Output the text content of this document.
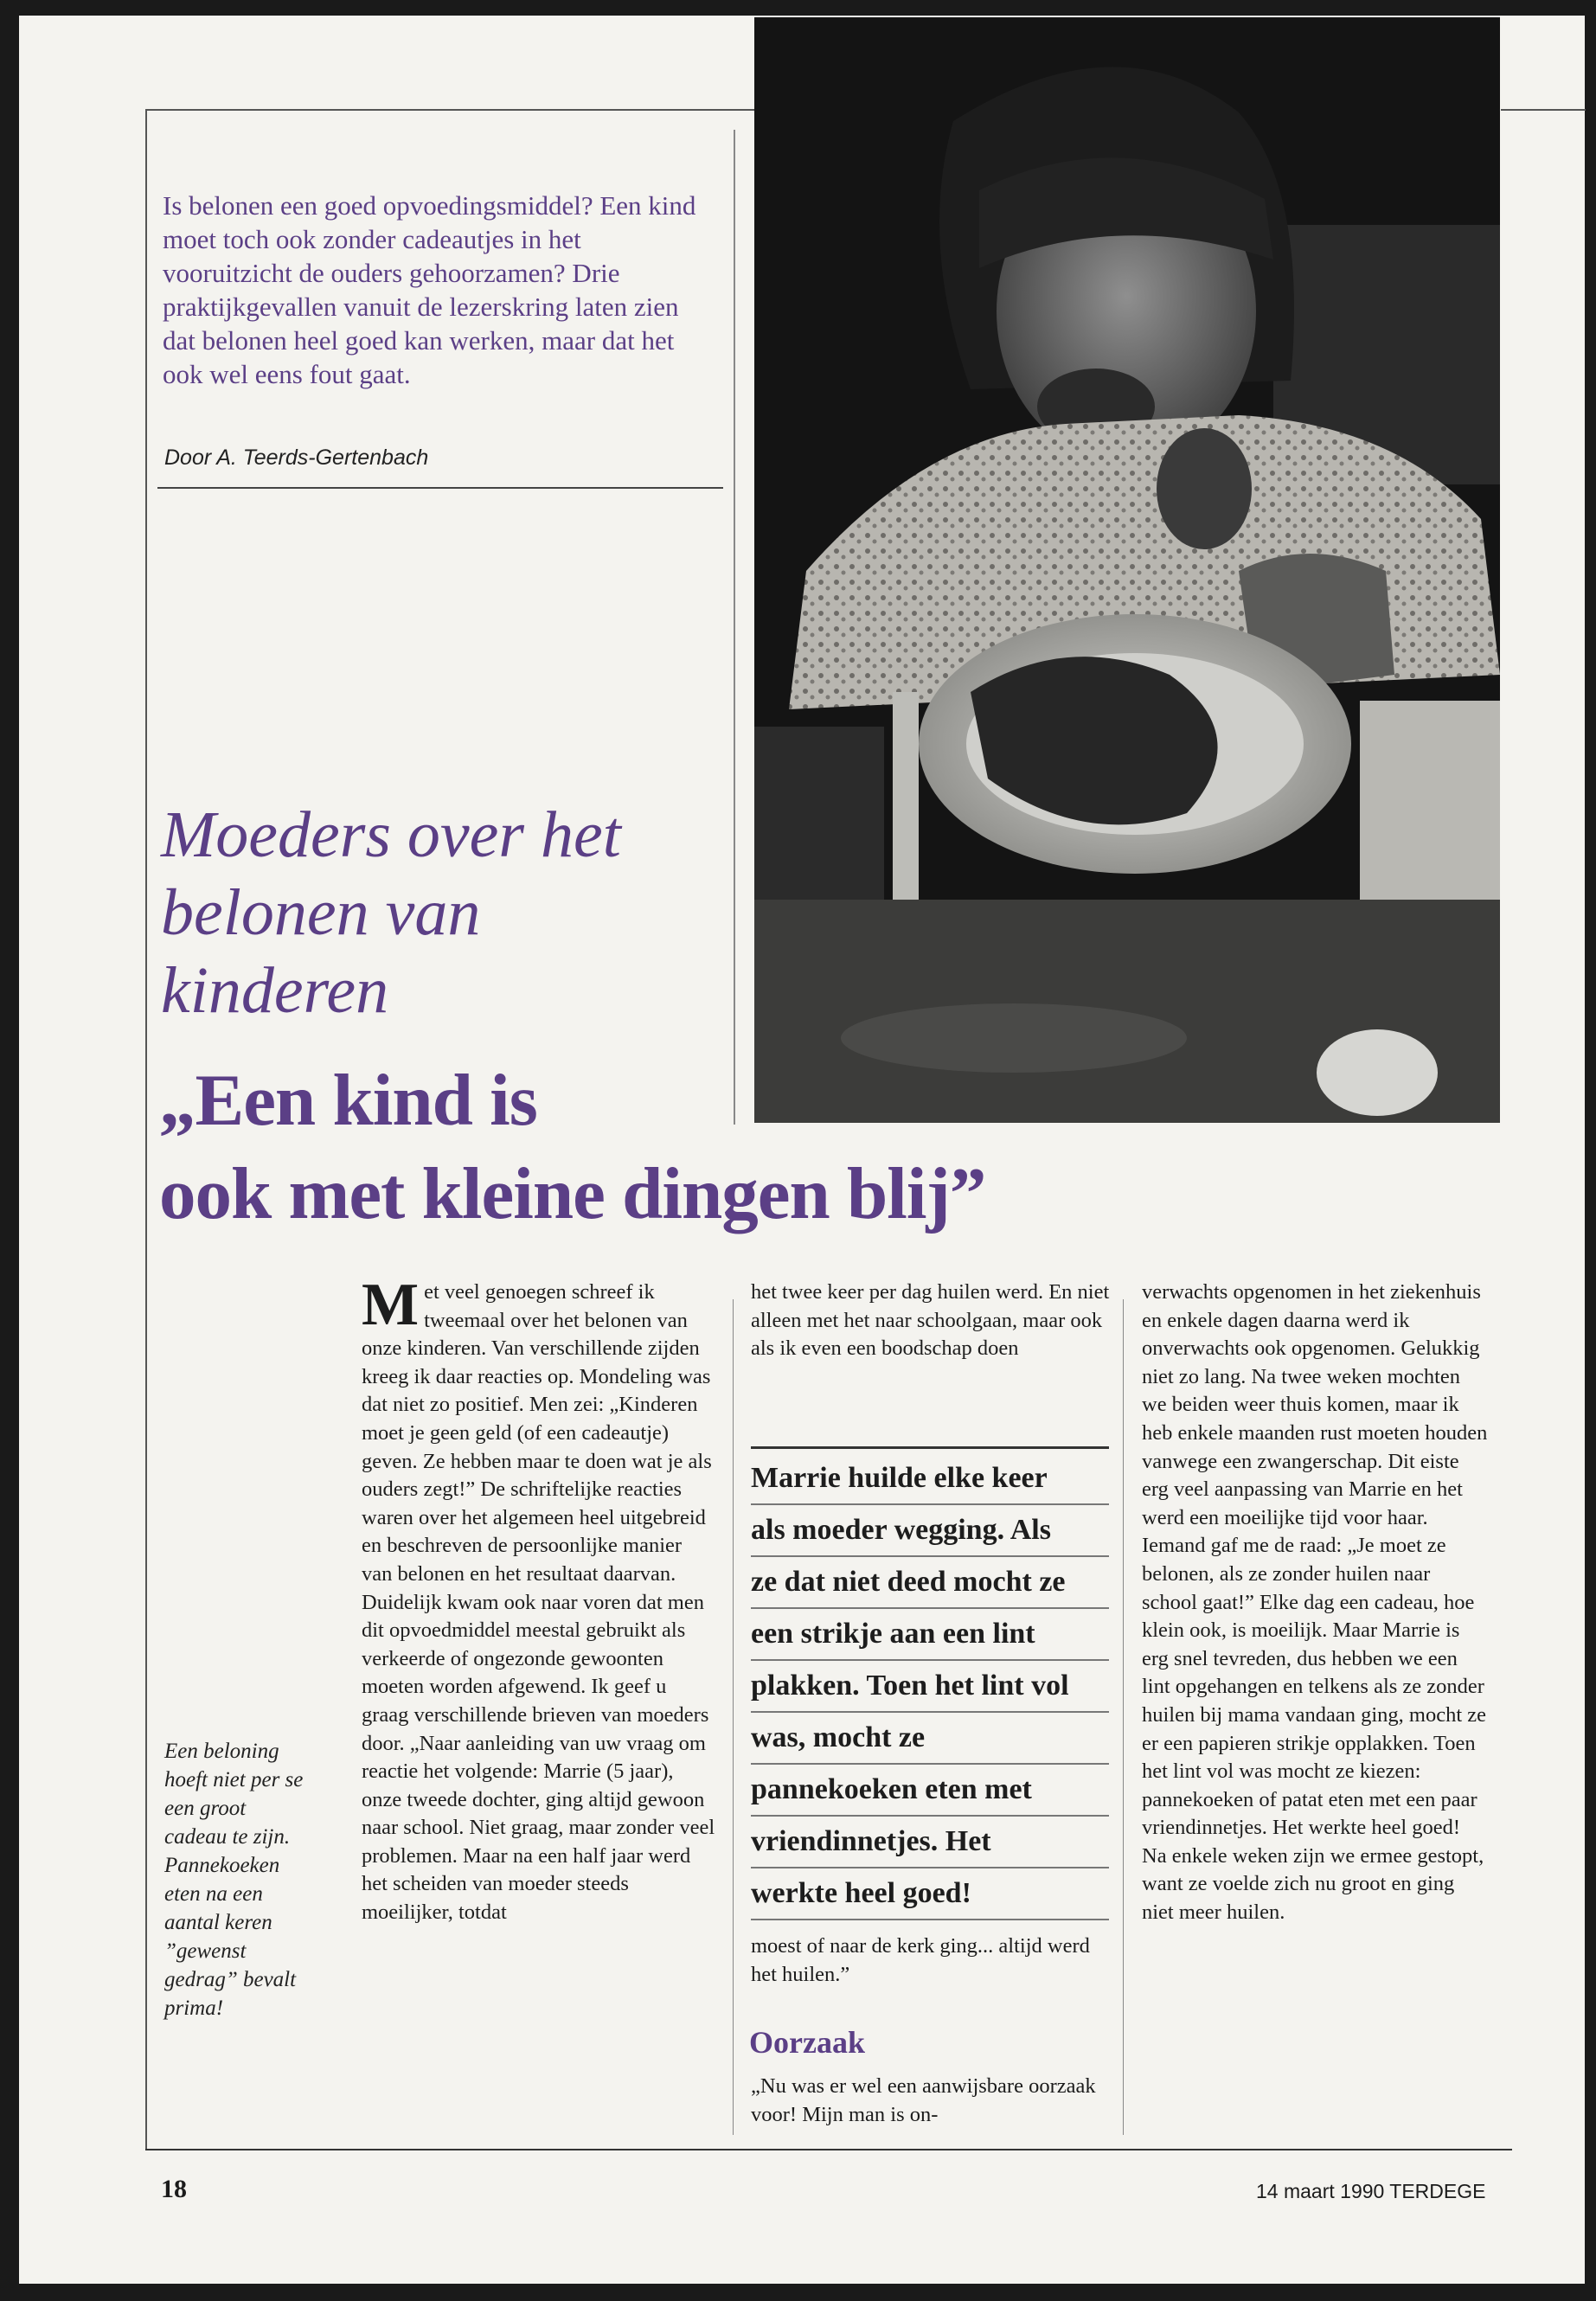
Is belonen een goed opvoedingsmiddel? Een kind moet toch ook zonder cadeautjes in het vooruitzicht de ouders gehoorzamen? Drie praktijkgevallen vanuit de lezerskring laten zien dat belonen heel goed kan werken, maar dat het ook wel eens fout gaat.
Door A. Teerds-Gertenbach
Moeders over het
belonen van
kinderen
„Een kind is
ook met kleine dingen blij”
Een beloning hoeft niet per se een groot cadeau te zijn. Pannekoeken eten na een aantal keren ”gewenst gedrag” bevalt prima!
Met veel genoegen schreef ik tweemaal over het belonen van onze kinderen. Van verschillende zijden kreeg ik daar reacties op. Mondeling was dat niet zo positief. Men zei: „Kinderen moet je geen geld (of een cadeautje) geven. Ze hebben maar te doen wat je als ouders zegt!” De schriftelijke reacties waren over het algemeen heel uitgebreid en beschreven de persoonlijke manier van belonen en het resultaat daarvan. Duidelijk kwam ook naar voren dat men dit opvoedmiddel meestal gebruikt als verkeerde of ongezonde gewoonten moeten worden afgewend. Ik geef u graag verschillende brieven van moeders door. „Naar aanleiding van uw vraag om reactie het volgende: Marrie (5 jaar), onze tweede dochter, ging altijd gewoon naar school. Niet graag, maar zonder veel problemen. Maar na een half jaar werd het scheiden van moeder steeds moeilijker, totdat
het twee keer per dag huilen werd. En niet alleen met het naar schoolgaan, maar ook als ik even een boodschap doen
Marrie huilde elke keer
als moeder wegging. Als
ze dat niet deed mocht ze
een strikje aan een lint
plakken. Toen het lint vol
was, mocht ze
pannekoeken eten met
vriendinnetjes. Het
werkte heel goed!
moest of naar de kerk ging... altijd werd het huilen.”
Oorzaak
„Nu was er wel een aanwijsbare oorzaak voor! Mijn man is on-
verwachts opgenomen in het ziekenhuis en enkele dagen daarna werd ik onverwachts ook opgenomen. Gelukkig niet zo lang. Na twee weken mochten we beiden weer thuis komen, maar ik heb enkele maanden rust moeten houden vanwege een zwangerschap. Dit eiste erg veel aanpassing van Marrie en het werd een moeilijke tijd voor haar. Iemand gaf me de raad: „Je moet ze belonen, als ze zonder huilen naar school gaat!” Elke dag een cadeau, hoe klein ook, is moeilijk. Maar Marrie is erg snel tevreden, dus hebben we een lint opgehangen en telkens als ze zonder huilen bij mama vandaan ging, mocht ze er een papieren strikje opplakken. Toen het lint vol was mocht ze kiezen: pannekoeken of patat eten met een paar vriendinnetjes. Het werkte heel goed! Na enkele weken zijn we ermee gestopt, want ze voelde zich nu groot en ging niet meer huilen.
18	14 maart 1990 TERDEGE
